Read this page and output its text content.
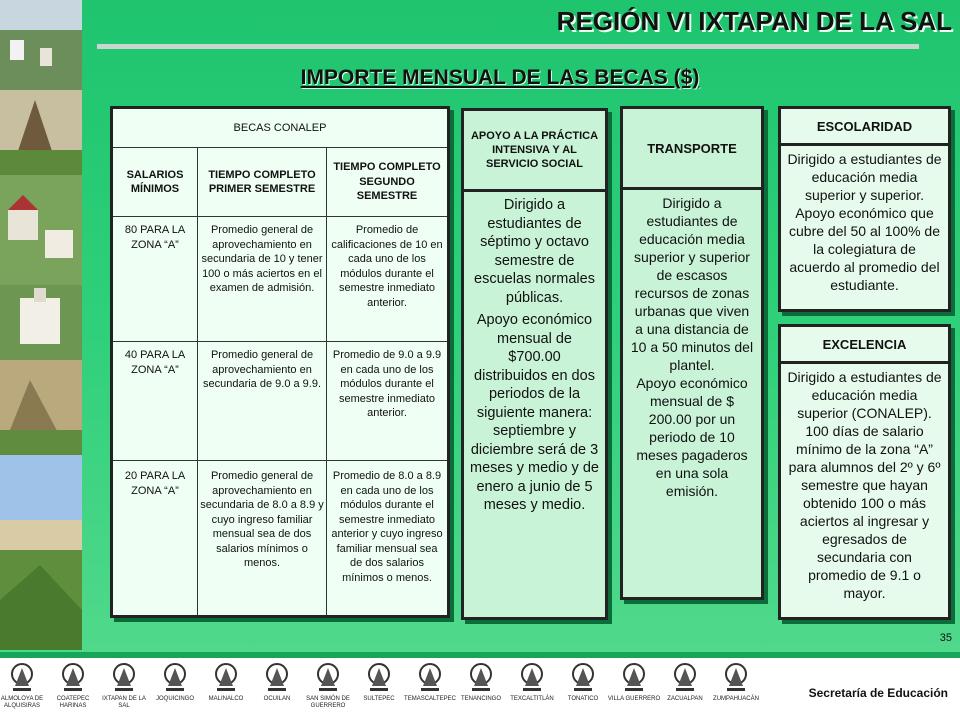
REGIÓN VI IXTAPAN DE LA SAL
IMPORTE MENSUAL DE LAS BECAS ($)
BECAS CONALEP		
SALARIOS MÍNIMOS	TIEMPO COMPLETO PRIMER SEMESTRE	TIEMPO COMPLETO SEGUNDO SEMESTRE
80 PARA LA ZONA “A”	Promedio general de aprovechamiento en secundaria de 10 y tener 100 o más aciertos en el examen de admisión.	Promedio de calificaciones de 10 en cada uno de los módulos durante el semestre inmediato anterior.
40 PARA LA ZONA “A”	Promedio general de aprovechamiento en secundaria de 9.0 a 9.9.	Promedio de 9.0 a 9.9 en cada uno de los módulos durante el semestre inmediato anterior.
20 PARA LA ZONA “A”	Promedio general de aprovechamiento en secundaria de 8.0 a 8.9 y cuyo ingreso familiar mensual sea de dos salarios mínimos o menos.	Promedio de 8.0 a 8.9 en cada uno de los módulos durante el semestre inmediato anterior y cuyo ingreso familiar mensual sea de dos salarios mínimos o menos.
APOYO A LA PRÁCTICA INTENSIVA Y AL SERVICIO SOCIAL

Dirigido a estudiantes de séptimo y octavo semestre de escuelas normales públicas.

Apoyo económico mensual de $700.00 distribuidos en dos periodos de la siguiente manera: septiembre y diciembre será de 3 meses y medio y de enero a junio de 5 meses y medio.

TRANSPORTE

Dirigido a estudiantes de educación media superior y superior de escasos recursos de zonas urbanas que viven a una distancia de 10 a 50 minutos del plantel.

Apoyo económico mensual de $ 200.00 por un periodo de 10 meses pagaderos en una sola emisión.

ESCOLARIDAD
Dirigido a estudiantes de educación media superior y superior. Apoyo económico que cubre del 50 al 100% de la colegiatura de acuerdo al promedio del estudiante.
EXCELENCIA
Dirigido a estudiantes de educación media superior (CONALEP). 100 días de salario mínimo de la zona “A” para alumnos del 2º y 6º semestre que hayan obtenido 100 o más aciertos al ingresar y egresados de secundaria con promedio de 9.1 o mayor.
35
ALMOLOYA DE ALQUISIRAS
COATEPEC HARINAS
IXTAPAN DE LA SAL
JOQUICINGO	MALINALCO	OCUILAN	SAN SIMÓN DE GUERRERO
SULTEPEC	TEMASCALTEPEC TENANCINGO	TEXCALTITLÁN	TONATICO	VILLA GUERRERO	ZACUALPAN	ZUMPAHUACÁN	Secretaría de Educación
